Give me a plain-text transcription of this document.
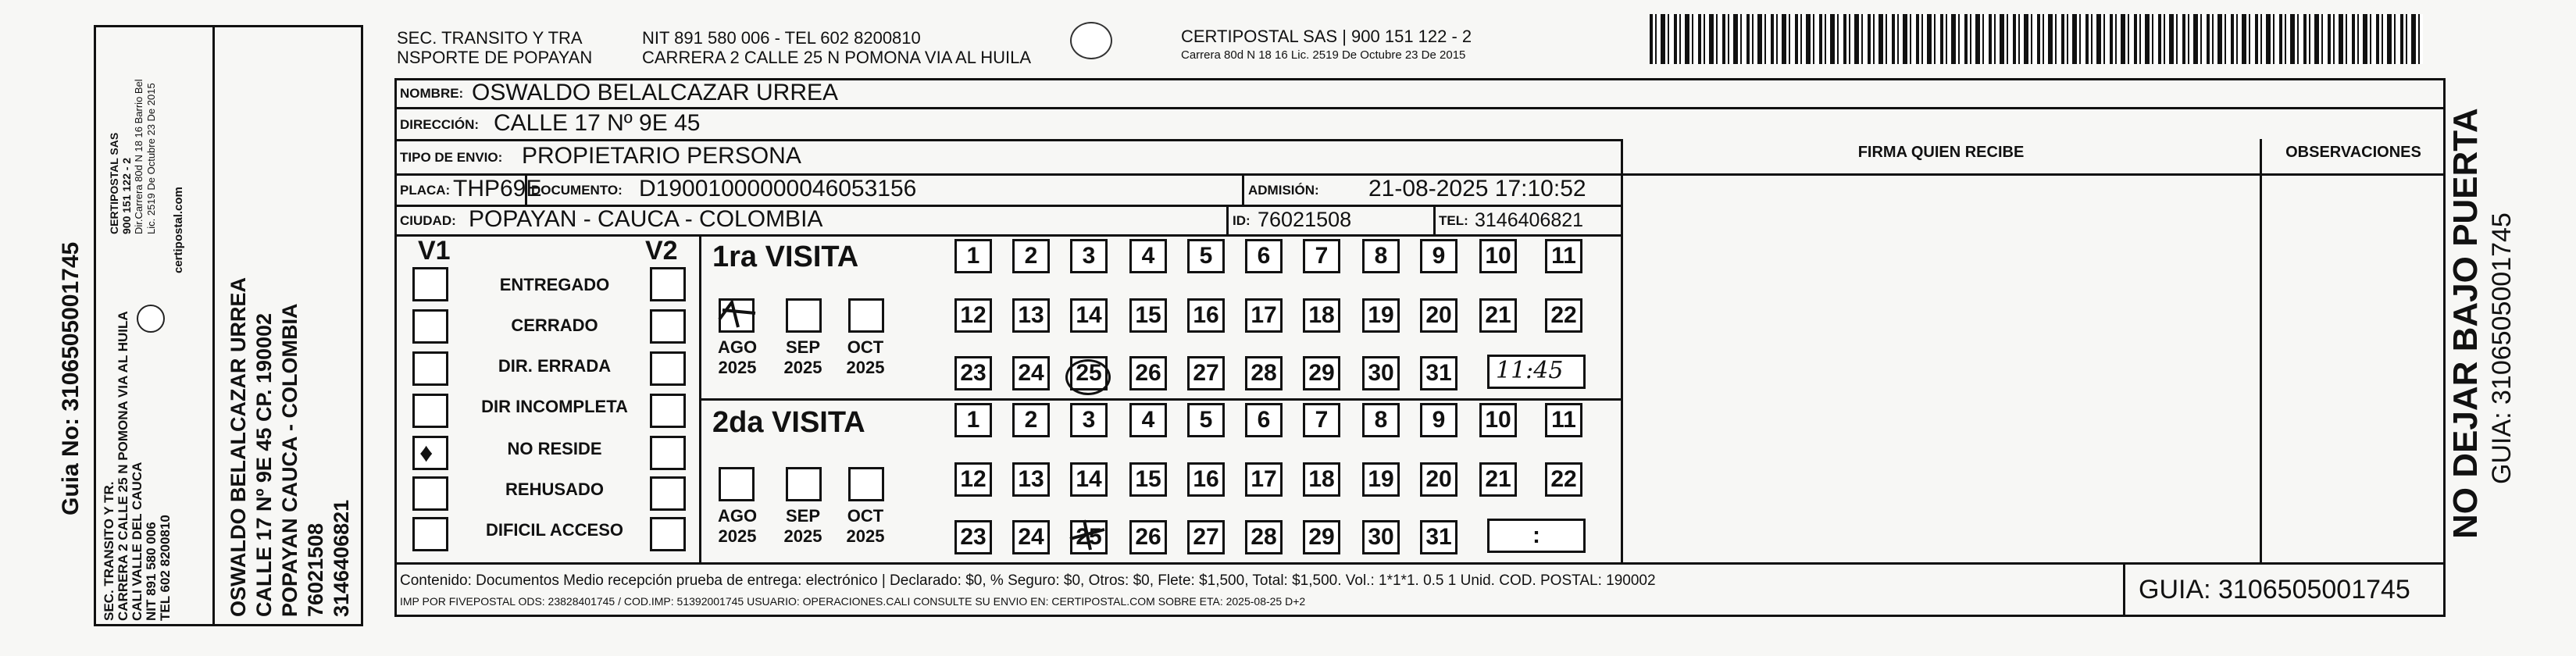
Guia No: 3106505001745
SEC. TRANSITO Y TR. CARRERA 2 CALLE 25 N POMONA VIA AL HUILA CALI VALLE DEL CAUCA NIT 891 580 006 TEL 602 8200810
CERTIPOSTAL SAS 900 151 122 - 2 Dir.Carrera 80d N 18 16 Barrio Bel Lic. 2519 De Octubre 23 De 2015 certipostal.com
OSWALDO BELALCAZAR URREA CALLE 17 Nº 9E 45 CP. 190002 POPAYAN CAUCA - COLOMBIA 76021508 3146406821
SEC. TRANSITO Y TRA
NSPORTE DE POPAYAN
NIT 891 580 006 - TEL 602 8200810
CARRERA 2 CALLE 25 N POMONA VIA AL HUILA
CERTIPOSTAL SAS | 900 151 122 - 2
Carrera 80d N 18 16 Lic. 2519 De Octubre 23 De 2015
FIRMA QUIEN RECIBE	OBSERVACIONES
NOMBRE: OSWALDO BELALCAZAR URREA
DIRECCIÓN: CALLE 17 Nº 9E 45
TIPO DE ENVIO: PROPIETARIO PERSONA
PLACA: THP69E
DOCUMENTO: D19001000000046053156	ADMISIÓN: 21-08-2025 17:10:52
CIUDAD: POPAYAN - CAUCA - COLOMBIA	ID: 76021508	TEL: 3146406821
V1	V2
ENTREGADO
CERRADO
DIR. ERRADA
DIR INCOMPLETA
♦	NO RESIDE
REHUSADO
DIFICIL ACCESO
1ra VISITA
AGO
2025
SEP
2025
OCT
2025	11:45
2da VISITA
AGO
2025
SEP
2025
OCT
2025	:
Contenido: Documentos Medio recepción prueba de entrega: electrónico | Declarado: $0, % Seguro: $0, Otros: $0, Flete: $1,500, Total: $1,500. Vol.: 1*1*1. 0.5 1 Unid. COD. POSTAL: 190002
IMP POR FIVEPOSTAL ODS: 23828401745 / COD.IMP: 51392001745 USUARIO: OPERACIONES.CALI CONSULTE SU ENVIO EN: CERTIPOSTAL.COM SOBRE ETA: 2025-08-25 D+2	GUIA: 3106505001745
NO DEJAR BAJO PUERTA GUIA: 3106505001745
1	2	3	4	5	6	7	8	9	10 11
12 13 14 15 16 17 18 19 20 21 22
23 24 25 26 27 28 29 30 31
1	2	3	4	5	6	7	8	9	10 11
12 13 14 15 16 17 18 19 20 21 22
23 24 25 26 27 28 29 30 31
